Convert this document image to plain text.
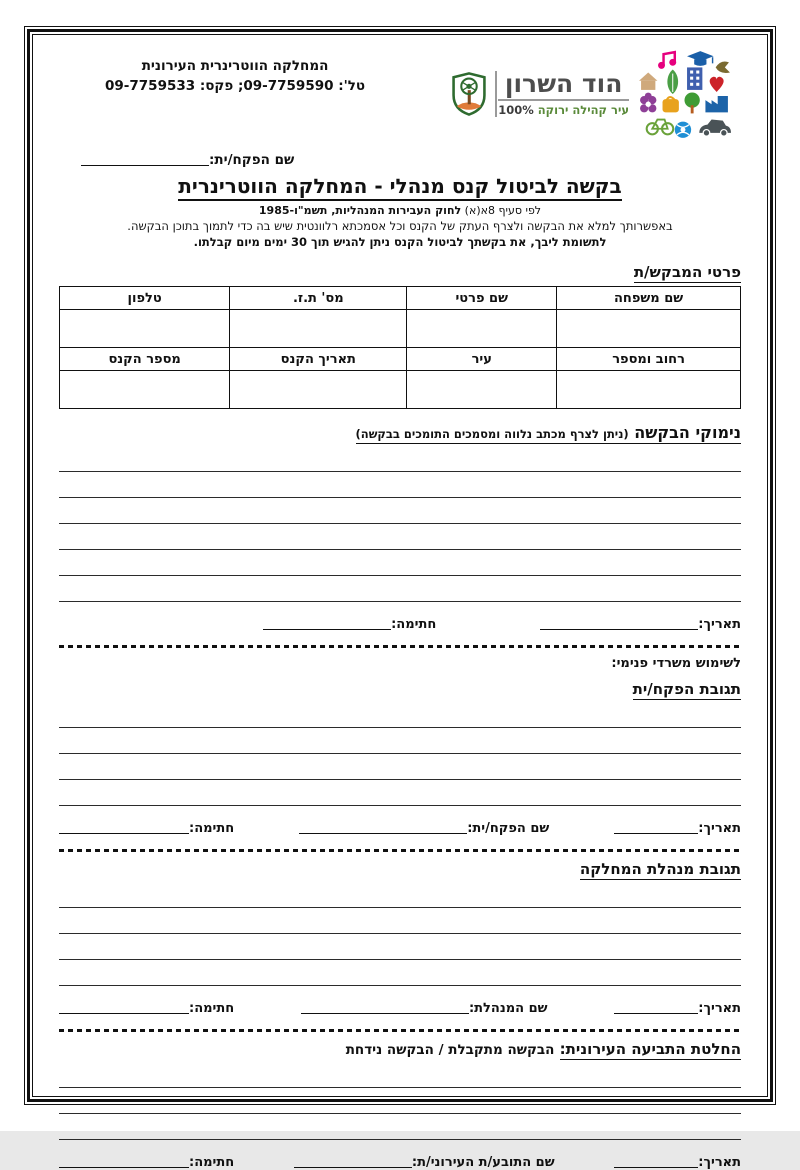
המחלקה הווטרינרית העירונית
טל': 09-7759590; פקס: 09-7759533	הוד השרון
עיר קהילה ירוקה 100%
שם הפקח/ית:
בקשה לביטול קנס מנהלי - המחלקה הווטרינרית
לפי סעיף 8א(א) לחוק העבירות המנהליות, תשמ"ו-1985
באפשרותך למלא את הבקשה ולצרף העתק של הקנס וכל אסמכתא רלוונטית שיש בה כדי לתמוך בתוכן הבקשה.
לתשומת ליבך, את בקשתך לביטול הקנס ניתן להגיש תוך 30 ימים מיום קבלתו.
פרטי המבקש/ת
שם משפחה	שם פרטי	מס' ת.ז.	טלפון

רחוב ומספר	עיר	תאריך הקנס	מספר הקנס

נימוקי הבקשה (ניתן לצרף מכתב נלווה ומסמכים התומכים בבקשה)
תאריך:
חתימה:
לשימוש משרדי פנימי:
תגובת הפקח/ית
תאריך:
שם הפקח/ית:
חתימה:
תגובת מנהלת המחלקה
תאריך:
שם המנהלת:
חתימה:
החלטת התביעה העירונית: הבקשה מתקבלת / הבקשה נידחת
תאריך:
שם התובע/ת העירוני/ת:
חתימה:
